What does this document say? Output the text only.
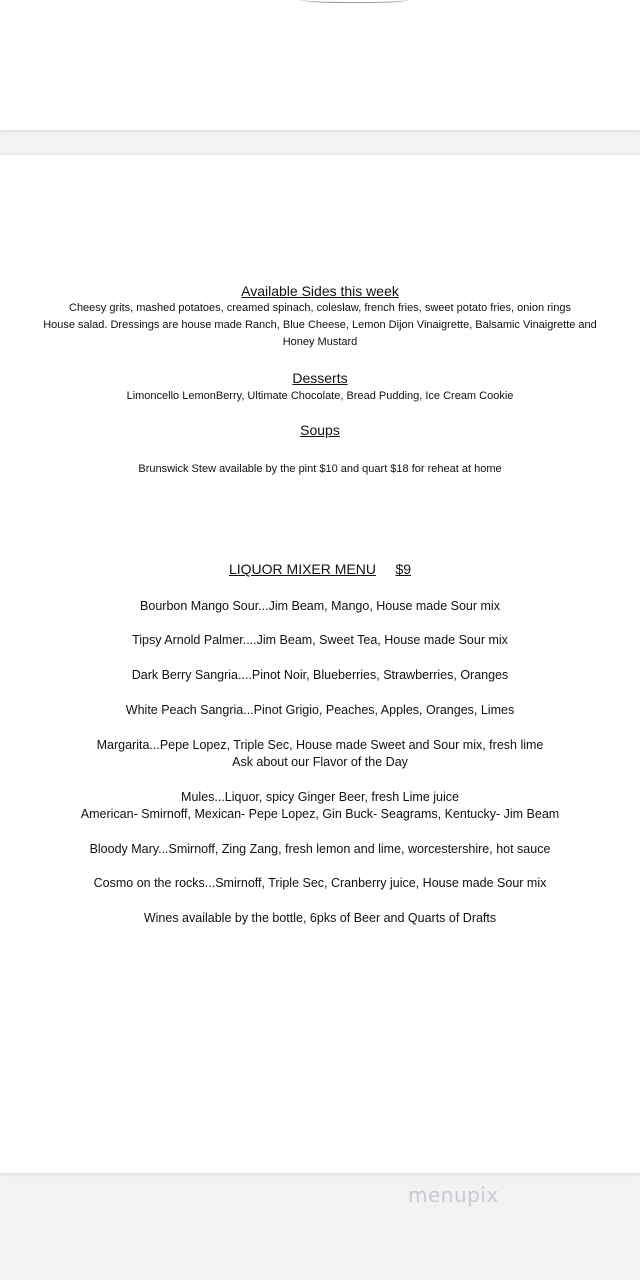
Available Sides this week
Cheesy grits, mashed potatoes, creamed spinach, coleslaw, french fries, sweet potato fries, onion rings
House salad. Dressings are house made Ranch, Blue Cheese, Lemon Dijon Vinaigrette, Balsamic Vinaigrette and
Honey Mustard
Desserts
Limoncello LemonBerry, Ultimate Chocolate, Bread Pudding, Ice Cream Cookie
Soups
Brunswick Stew available by the pint $10 and quart $18 for reheat at home
LIQUOR MIXER MENU $9
Bourbon Mango Sour...Jim Beam, Mango, House made Sour mix
Tipsy Arnold Palmer....Jim Beam, Sweet Tea, House made Sour mix
Dark Berry Sangria....Pinot Noir, Blueberries, Strawberries, Oranges
White Peach Sangria...Pinot Grigio, Peaches, Apples, Oranges, Limes
Margarita...Pepe Lopez, Triple Sec, House made Sweet and Sour mix, fresh lime
Ask about our Flavor of the Day
Mules...Liquor, spicy Ginger Beer, fresh Lime juice
American- Smirnoff, Mexican- Pepe Lopez, Gin Buck- Seagrams, Kentucky- Jim Beam
Bloody Mary...Smirnoff, Zing Zang, fresh lemon and lime, worcestershire, hot sauce
Cosmo on the rocks...Smirnoff, Triple Sec, Cranberry juice, House made Sour mix
Wines available by the bottle, 6pks of Beer and Quarts of Drafts
menupix
